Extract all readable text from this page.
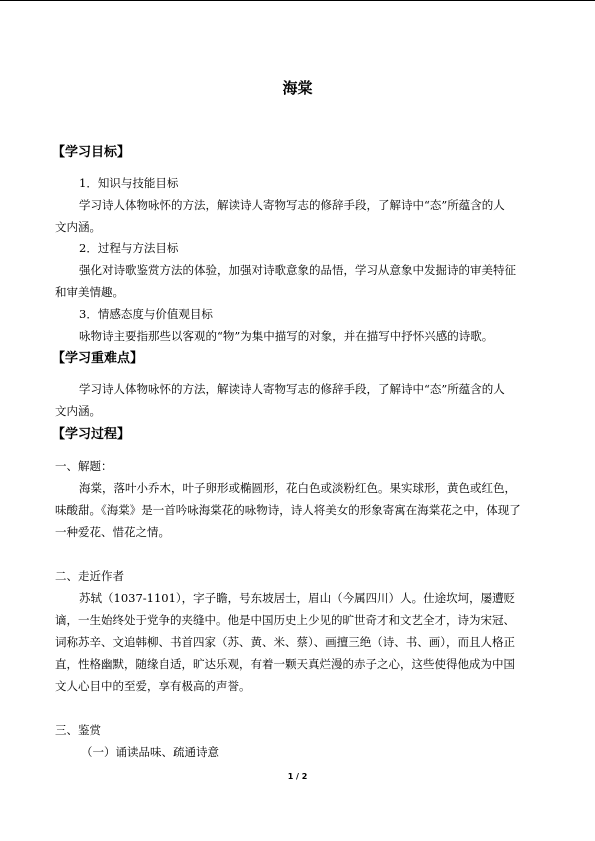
海棠
【学习目标】
1．知识与技能目标
学习诗人体物咏怀的方法，解读诗人寄物写志的修辞手段，了解诗中“态”所蕴含的人
文内涵。
2．过程与方法目标
强化对诗歌鉴赏方法的体验，加强对诗歌意象的品悟，学习从意象中发掘诗的审美特征
和审美情趣。
3．情感态度与价值观目标
咏物诗主要指那些以客观的“物”为集中描写的对象，并在描写中抒怀兴感的诗歌。
【学习重难点】
学习诗人体物咏怀的方法，解读诗人寄物写志的修辞手段，了解诗中“态”所蕴含的人
文内涵。
【学习过程】
一、解题：
海棠，落叶小乔木，叶子卵形或椭圆形，花白色或淡粉红色。果实球形，黄色或红色，
味酸甜。《海棠》是一首吟咏海棠花的咏物诗，诗人将美女的形象寄寓在海棠花之中，体现了
一种爱花、惜花之情。
二、走近作者
苏轼（1037-1101），字子瞻，号东坡居士，眉山（今属四川）人。仕途坎坷，屡遭贬
谪，一生始终处于党争的夹缝中。他是中国历史上少见的旷世奇才和文艺全才，诗为宋冠、
词称苏辛、文追韩柳、书首四家（苏、黄、米、蔡）、画擅三绝（诗、书、画），而且人格正
直，性格幽默，随缘自适，旷达乐观，有着一颗天真烂漫的赤子之心，这些使得他成为中国
文人心目中的至爱，享有极高的声誉。
三、鉴赏
（一）诵读品味、疏通诗意
1 / 2
